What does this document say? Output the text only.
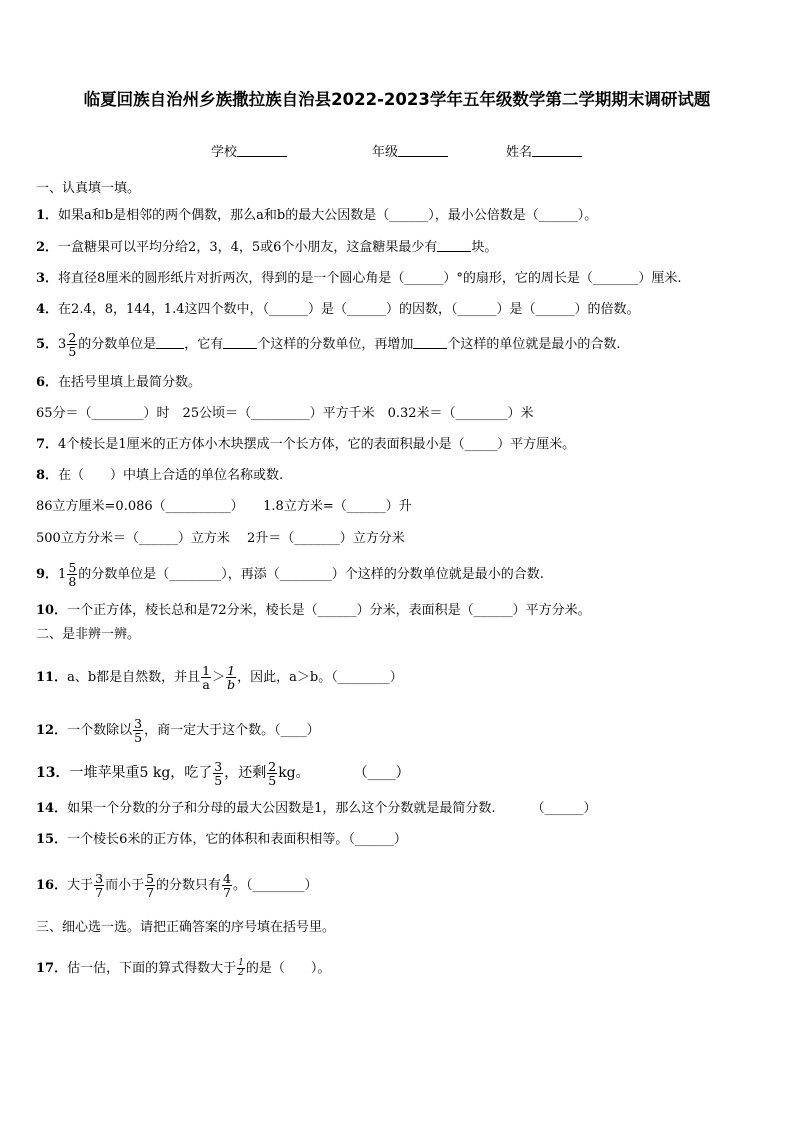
临夏回族自治州乡族撒拉族自治县2022-2023学年五年级数学第二学期期末调研试题
学校	年级	姓名
一、认真填一填。
1．如果a和b是相邻的两个偶数，那么a和b的最大公因数是（______），最小公倍数是（______）。
2．一盒糖果可以平均分给2，3，4，5或6个小朋友，这盒糖果最少有	块。
3．将直径8厘米的圆形纸片对折两次，得到的是一个圆心角是（______）°的扇形，它的周长是（_______）厘米.
4．在2.4，8，144，1.4这四个数中，（______）是（______）的因数，（______）是（______）的倍数。
5．$3 \frac{2}{5}$ 的分数单位是 ，它有	个这样的分数单位，再增加	个这样的单位就是最小的合数.
6．在括号里填上最简分数。
65分＝（________）时　25公顷＝（_________）平方千米　0.32米＝（________）米
7．4个棱长是1厘米的正方体小木块摆成一个长方体，它的表面积最小是（_____）平方厘米。
8．在（　　）中填上合适的单位名称或数.
86立方厘米=0.086（__________）　　1.8立方米=（______）升
500立方分米＝（______）立方米　 2升＝（_______）立方分米
9．$1 \frac{5}{8}$ 的分数单位是（________），再添（________）个这样的分数单位就是最小的合数.
10．一个正方体，棱长总和是72分米，棱长是（______）分米，表面积是（______）平方分米。
二、是非辨一辨。
11．a、b都是自然数，并且 $\frac{1}{a} > \frac{1}{b}$ ，因此，a＞b。（________）
12．一个数除以 $\frac{3}{5}$ ，商一定大于这个数。（____）
13．一堆苹果重5 kg，吃了 $\frac{3}{5}$ ，还剩 $\frac{2}{5}$ kg。	（____）
14．如果一个分数的分子和分母的最大公因数是1，那么这个分数就是最简分数.	（______）
15．一个棱长6米的正方体，它的体积和表面积相等。（______）
16．大于 $\frac{3}{7}$ 而小于 $\frac{5}{7}$ 的分数只有 $\frac{4}{7}$ 。（________）
三、细心选一选。请把正确答案的序号填在括号里。
17．估一估，下面的算式得数大于 $\frac{1}{2}$ 的是（　　）。
